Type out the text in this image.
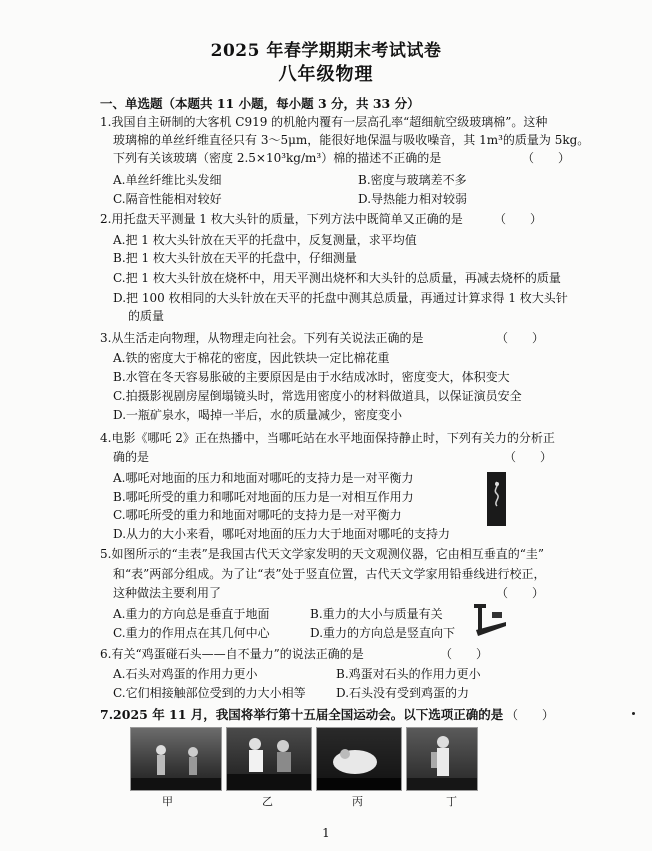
2025 年春学期期末考试试卷
八年级物理
一、单选题（本题共 11 小题，每小题 3 分，共 33 分）
1.我国自主研制的大客机 C919 的机舱内覆有一层高孔率“超细航空级玻璃棉”。这种
玻璃棉的单丝纤维直径只有 3～5μm，能很好地保温与吸收噪音，其 1m³的质量为 5kg。
下列有关该玻璃（密度 2.5×10³kg/m³）棉的描述不正确的是	（　　）
A.单丝纤维比头发细	B.密度与玻璃差不多
C.隔音性能相对较好	D.导热能力相对较弱
2.用托盘天平测量 1 枚大头针的质量，下列方法中既简单又正确的是	（　　）
A.把 1 枚大头针放在天平的托盘中，反复测量，求平均值
B.把 1 枚大头针放在天平的托盘中，仔细测量
C.把 1 枚大头针放在烧杯中，用天平测出烧杯和大头针的总质量，再减去烧杯的质量
D.把 100 枚相同的大头针放在天平的托盘中测其总质量，再通过计算求得 1 枚大头针
的质量
3.从生活走向物理，从物理走向社会。下列有关说法正确的是	（　　）
A.铁的密度大于棉花的密度，因此铁块一定比棉花重
B.水管在冬天容易胀破的主要原因是由于水结成冰时，密度变大，体积变大
C.拍摄影视剧房屋倒塌镜头时，常选用密度小的材料做道具，以保证演员安全
D.一瓶矿泉水，喝掉一半后，水的质量减少，密度变小
4.电影《哪吒 2》正在热播中，当哪吒站在水平地面保持静止时，下列有关力的分析正
确的是	（　　）
A.哪吒对地面的压力和地面对哪吒的支持力是一对平衡力
B.哪吒所受的重力和哪吒对地面的压力是一对相互作用力
C.哪吒所受的重力和地面对哪吒的支持力是一对平衡力
D.从力的大小来看，哪吒对地面的压力大于地面对哪吒的支持力
5.如图所示的“圭表”是我国古代天文学家发明的天文观测仪器，它由相互垂直的“圭”
和“表”两部分组成。为了让“表”处于竖直位置，古代天文学家用铅垂线进行校正，
这种做法主要利用了	（　　）
A.重力的方向总是垂直于地面	B.重力的大小与质量有关
C.重力的作用点在其几何中心	D.重力的方向总是竖直向下
6.有关“鸡蛋碰石头——自不量力”的说法正确的是	（　　）
A.石头对鸡蛋的作用力更小	B.鸡蛋对石头的作用力更小
C.它们相接触部位受到的力大小相等	D.石头没有受到鸡蛋的力
7.2025 年 11 月，我国将举行第十五届全国运动会。以下选项正确的是 （　　）
甲	乙	丙	丁
1
